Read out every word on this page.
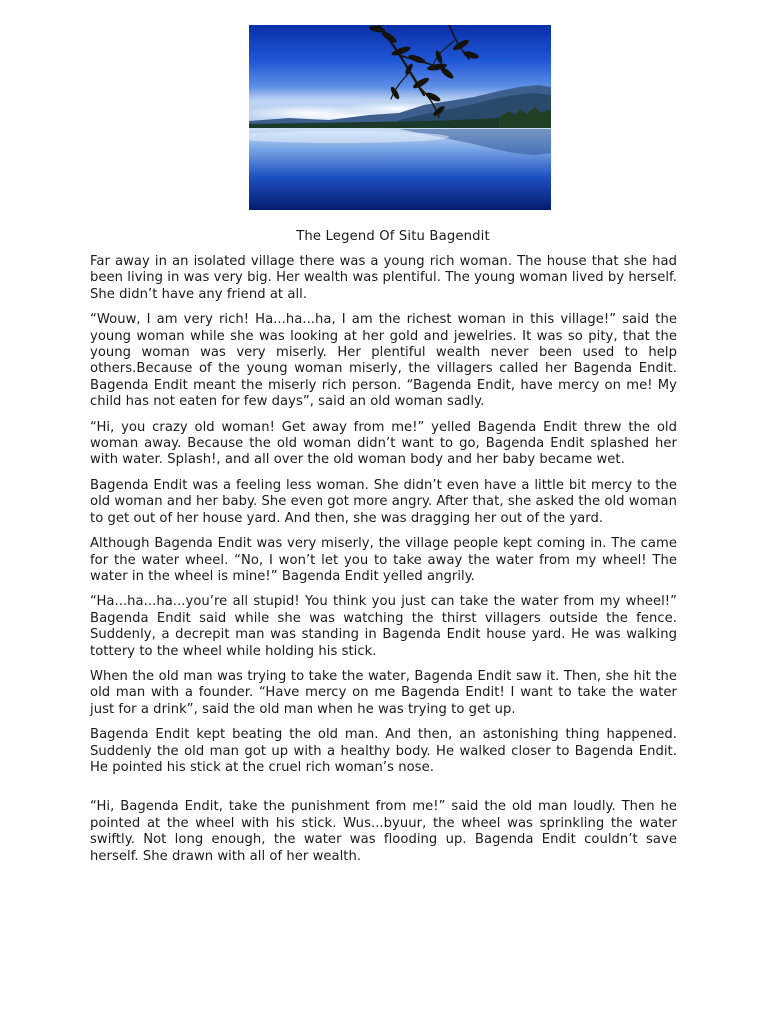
The Legend Of Situ Bagendit

Far away in an isolated village there was a young rich woman. The house that she had been living in was very big. Her wealth was plentiful. The young woman lived by herself. She didn’t have any friend at all.

“Wouw, I am very rich! Ha...ha...ha, I am the richest woman in this village!” said the young woman while she was looking at her gold and jewelries. It was so pity, that the young woman was very miserly. Her plentiful wealth never been used to help others.Because of the young woman miserly, the villagers called her Bagenda Endit. Bagenda Endit meant the miserly rich person. “Bagenda Endit, have mercy on me! My child has not eaten for few days”, said an old woman sadly.

“Hi, you crazy old woman! Get away from me!” yelled Bagenda Endit threw the old woman away. Because the old woman didn’t want to go, Bagenda Endit splashed her with water. Splash!, and all over the old woman body and her baby became wet.

Bagenda Endit was a feeling less woman. She didn’t even have a little bit mercy to the old woman and her baby. She even got more angry. After that, she asked the old woman to get out of her house yard. And then, she was dragging her out of the yard.

Although Bagenda Endit was very miserly, the village people kept coming in. The came for the water wheel. “No, I won’t let you to take away the water from my wheel! The water in the wheel is mine!” Bagenda Endit yelled angrily.

“Ha...ha...ha...you’re all stupid! You think you just can take the water from my wheel!” Bagenda Endit said while she was watching the thirst villagers outside the fence. Suddenly, a decrepit man was standing in Bagenda Endit house yard. He was walking tottery to the wheel while holding his stick.

When the old man was trying to take the water, Bagenda Endit saw it. Then, she hit the old man with a founder. “Have mercy on me Bagenda Endit! I want to take the water just for a drink”, said the old man when he was trying to get up.

Bagenda Endit kept beating the old man. And then, an astonishing thing happened. Suddenly the old man got up with a healthy body. He walked closer to Bagenda Endit. He pointed his stick at the cruel rich woman’s nose.

“Hi, Bagenda Endit, take the punishment from me!” said the old man loudly. Then he pointed at the wheel with his stick. Wus...byuur, the wheel was sprinkling the water swiftly. Not long enough, the water was flooding up. Bagenda Endit couldn’t save herself. She drawn with all of her wealth.
